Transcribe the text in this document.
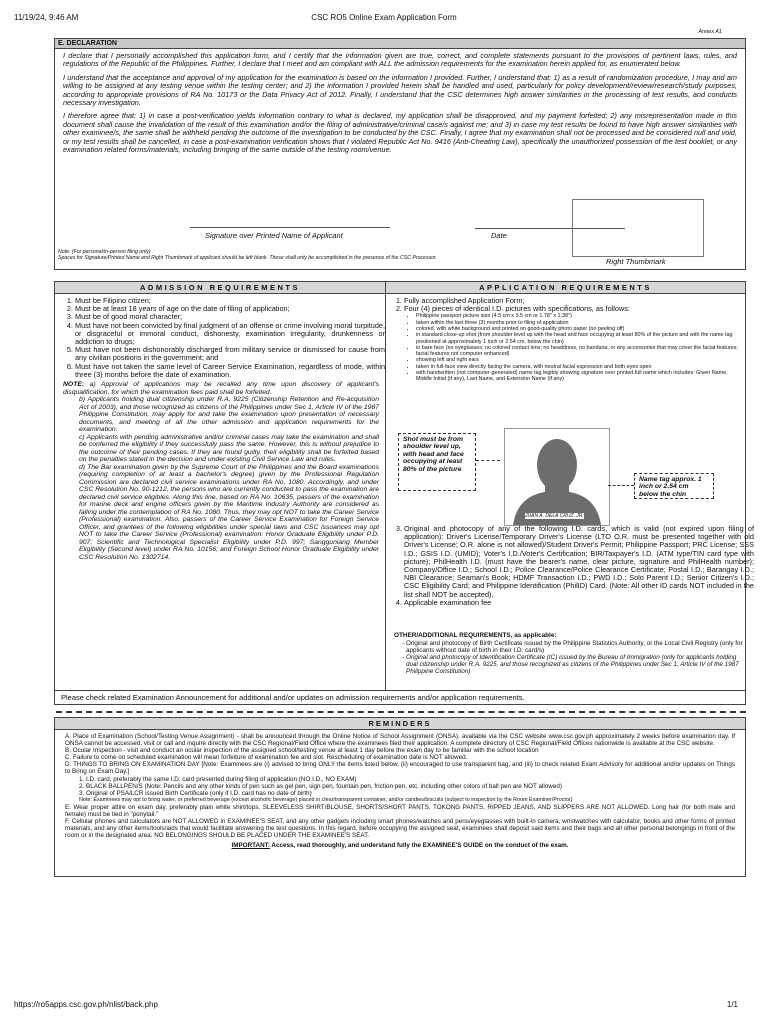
11/19/24, 9:46 AM	CSC RO5 Online Exam Application Form
Annex A1
E. DECLARATION

I declare that I personally accomplished this application form, and I certify that the information given are true, correct, and complete statements pursuant to the provisions of pertinent laws, rules, and regulations of the Republic of the Philippines. Further, I declare that I meet and am compliant with ALL the admission requirements for the examination herein applied for, as enumerated below.

I understand that the acceptance and approval of my application for the examination is based on the information I provided. Further, I understand that: 1) as a result of randomization procedure, I may and am willing to be assigned at any testing venue within the testing center; and 2) the information I provided herein shall be handled and used, particularly for policy development/review/research/study purposes, according to appropriate provisions of RA No. 10173 or the Data Privacy Act of 2012. Finally, I understand that the CSC determines high answer similarities in the processing of test results, and conducts necessary investigation.

I therefore agree that: 1) in case a post-verification yields information contrary to what is declared, my application shall be disapproved, and my payment forfeited; 2) any misrepresentation made in this document shall cause the invalidation of the result of this examination and/or the filing of administrative/criminal case/s against me; and 3) in case my test results be found to have high answer similarities with other examinee/s, the same shall be withheld pending the outcome of the investigation to be conducted by the CSC. Finally, I agree that my examination shall not be processed and be considered null and void, or my test results shall be cancelled, in case a post-examination verification shows that I violated Republic Act No. 9416 (Anti-Cheating Law), specifically the unauthorized possession of the test booklet, or any examination related forms/materials, including bringing of the same outside of the testing room/venue.

Signature over Printed Name of Applicant	Date
Note: (For personal/in-person filing only)
Spaces for Signature/Printed Name and Right Thumbmark of applicant should be left blank. These shall only be accomplished in the presence of the CSC Processor.	Right Thumbmark
ADMISSION REQUIREMENTS
1. Must be Filipino citizen;
2. Must be at least 18 years of age on the date of filing of application;
3. Must be of good moral character;
4. Must have not been convicted by final judgment of an offense or crime involving moral turpitude, or disgraceful or immoral conduct, dishonesty, examination irregularity, drunkenness or addiction to drugs;
5. Must have not been dishonorably discharged from military service or dismissed for cause from any civilian positions in the government; and
6. Must have not taken the same level of Career Service Examination, regardless of mode, within three (3) months before the date of examination.
NOTE: a) Approval of applications may be recalled any time upon discovery of applicant's disqualification, for which the examination fees paid shall be forfeited.

b) Applicants holding dual citizenship under R.A. 9225 (Citizenship Retention and Re-acquisition Act of 2003), and those recognized as citizens of the Philippines under Sec 1, Article IV of the 1987 Philippine Constitution, may apply for and take the examination upon presentation of necessary documents, and meeting of all the other admission and application requirements for the examination.

c) Applicants with pending administrative and/or criminal cases may take the examination and shall be conferred the eligibility if they successfully pass the same. However, this is without prejudice to the outcome of their pending cases. If they are found guilty, their eligibility shall be forfeited based on the penalties stated in the decision and under existing Civil Service Law and rules.

d) The Bar examination given by the Supreme Court of the Philippines and the Board examinations (requiring completion of at least a bachelor's degree) given by the Professional Regulation Commission are declared civil service examinations under RA No. 1080. Accordingly, and under CSC Resolution No. 90-1212, the persons who are currently conducted to pass the examination are declared civil service eligibles. Along this line, based on RA No. 10635, passers of the examination for marine deck and engine officers given by the Maritime Industry Authority are considered as falling under the contemplation of RA No. 1080. Thus, they may opt NOT to take the Career Service (Professional) examination. Also, passers of the Career Service Examination for Foreign Service Officer, and grantees of the following eligibilities under special laws and CSC issuances may opt NOT to take the Career Service (Professional) examination: Honor Graduate Eligibility under P.D. 907; Scientific and Technological Specialist Eligibility under P.D. 997; Sangguniang Member Eligibility (Second level) under RA No. 10156; and Foreign School Honor Graduate Eligibility under CSC Resolution No. 1302714.

APPLICATION REQUIREMENTS
1. Fully accomplished Application Form;
2. Four (4) pieces of identical I.D. pictures with specifications, as follows:
• Philippine passport picture size (4.5 cm x 3.5 cm or 1.78" x 1.38")
• taken within the last three (3) months prior to filing of application
• colored, with white background and printed on good-quality photo paper (no peeling off)
• in standard close-up shot (from shoulder level up with the head and face occupying at least 80% of the picture and with the name tag positioned at approximately 1 inch or 2.54 cm. below the chin)
• in bare face (no eyeglasses; no colored contact lens; no headdress, no bandana, or any accessories that may cover the facial features; facial features not computer enhanced)
• showing left and right ears
• taken in full-face view directly facing the camera, with neutral facial expression and both eyes open
• with handwritten (not computer-generated) name tag legibly showing signature over printed full name which includes: Given Name, Middle Initial (if any), Last Name, and Extension Name (if any)
Shot must be from shoulder level up, with head and face occupying at least 80% of the picture
JUAN A. DELA CRUZ, JR.
Name tag approx. 1 inch or 2.54 cm below the chin
3. Original and photocopy of any of the following I.D. cards, which is valid (not expired upon filing of application): Driver's License/Temporary Driver's License (LTO O.R. must be presented together with old Driver's License; O.R. alone is not allowed)/Student Driver's Permit; Philippine Passport; PRC License; SSS I.D.; GSIS I.D. (UMID); Voter's I.D./Voter's Certification; BIR/Taxpayer's I.D. (ATM type/TIN card type with picture); PhilHealth I.D. (must have the bearer's name, clear picture, signature and PhilHealth number); Company/Office I.D.; School I.D.; Police Clearance/Police Clearance Certificate; Postal I.D.; Barangay I.D.; NBI Clearance; Seaman's Book; HDMF Transaction I.D.; PWD I.D.; Solo Parent I.D.; Senior Citizen's I.D.; CSC Eligibility Card; and Philippine Identification (PhilID) Card. (Note: All other ID cards NOT included in the list shall NOT be accepted).
4. Applicable examination fee
OTHER/ADDITIONAL REQUIREMENTS, as applicable:
- Original and photocopy of Birth Certificate issued by the Philippine Statistics Authority, or the Local Civil Registry (only for applicants without date of birth in their I.D. card/s)
- Original and photocopy of Identification Certificate (IC) issued by the Bureau of Immigration (only for applicants holding dual citizenship under R.A. 9225, and those recognized as citizens of the Philippines under Sec 1, Article IV of the 1987 Philippine Constitution)
Please check related Examination Announcement for additional and/or updates on admission requirements and/or application requirements.
REMINDERS

A. Place of Examination (School/Testing Venue Assignment) - shall be announced through the Online Notice of School Assignment (ONSA), available via the CSC website www.csc.gov.ph approximately 2 weeks before examination day. If ONSA cannot be accessed, visit or call and inquire directly with the CSC Regional/Field Office where the examinees filed their application. A complete directory of CSC Regional/Field Offices nationwide is available at the CSC website.

B. Ocular Inspection - visit and conduct an ocular inspection of the assigned school/testing venue at least 1 day before the exam day to be familiar with the school location

C. Failure to come on scheduled examination will mean forfeiture of examination fee and slot. Rescheduling of examination date is NOT allowed.

D. THINGS TO BRING ON EXAMINATION DAY [Note: Examinees are (i) advised to bring ONLY the items listed below, (ii) encouraged to use transparent bag, and (iii) to check related Exam Advisory for additional and/or updates on Things to Bring on Exam Day.]

1. I.D. card, preferably the same I.D. card presented during filing of application (NO I.D., NO EXAM)

2. BLACK BALLPEN/S (Note: Pencils and any other kinds of pen such as gel pen, sign pen, fountain pen, friction pen, etc. including other colors of ball pen are NOT allowed)

3. Original of PSA/LCR issued Birth Certificate (only if I.D. card has no date of birth)

Note: Examinees may opt to bring water, or preferred beverage (except alcoholic beverage) placed in clear/transparent container, and/or candies/biscuits (subject to inspection by the Room Examiner/Proctor)

E. Wear proper attire on exam day, preferably plain white shirt/tops. SLEEVELESS SHIRT/BLOUSE, SHORTS/SHORT PANTS, TOKONG PANTS, RIPPED JEANS, AND SLIPPERS ARE NOT ALLOWED. Long hair (for both male and female) must be tied in "ponytail."

F. Cellular phones and calculators are NOT ALLOWED in EXAMINEE'S SEAT, and any other gadgets including smart phones/watches and pens/eyeglasses with built-in camera, wristwatches with calculator, books and other forms of printed materials, and any other items/tools/aids that would facilitate answering the test questions. In this regard, before occupying the assigned seat, examinees shall deposit said items and their bags and all other personal belongings in front of the room or in the designated area. NO BELONGINGS SHOULD BE PLACED UNDER THE EXAMINEE'S SEAT.

IMPORTANT: Access, read thoroughly, and understand fully the EXAMINEE'S GUIDE on the conduct of the exam.

https://ro5apps.csc.gov.ph/nlist/back.php	1/1
